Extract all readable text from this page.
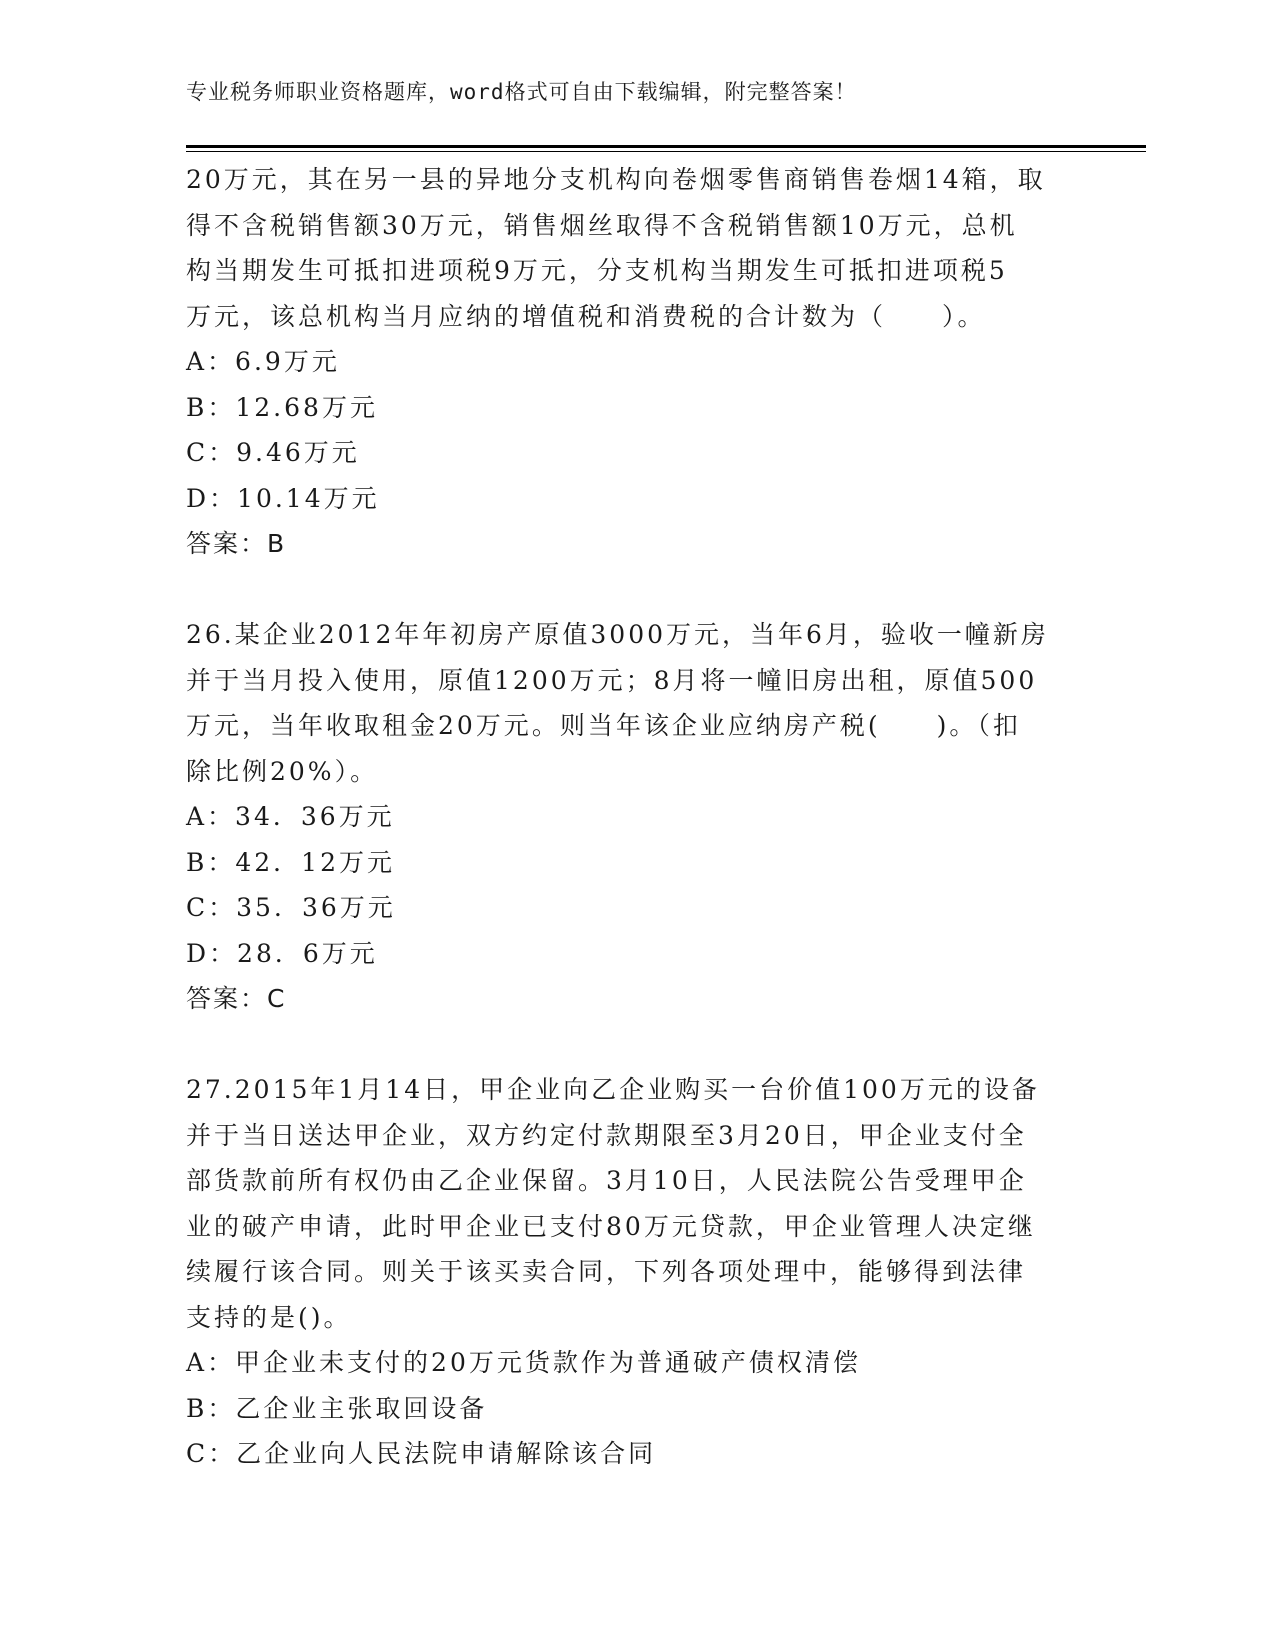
专业税务师职业资格题库，word格式可自由下载编辑，附完整答案！
20万元，其在另一县的异地分支机构向卷烟零售商销售卷烟14箱，取
得不含税销售额30万元，销售烟丝取得不含税销售额10万元，总机
构当期发生可抵扣进项税9万元，分支机构当期发生可抵扣进项税5
万元，该总机构当月应纳的增值税和消费税的合计数为（　　）。
A：6.9万元
B：12.68万元
C：9.46万元
D：10.14万元
答案：B
26.某企业2012年年初房产原值3000万元，当年6月，验收一幢新房
并于当月投入使用，原值1200万元；8月将一幢旧房出租，原值500
万元，当年收取租金20万元。则当年该企业应纳房产税(　　)。（扣
除比例20%）。
A：34．36万元
B：42．12万元
C：35．36万元
D：28．6万元
答案：C
27.2015年1月14日，甲企业向乙企业购买一台价值100万元的设备
并于当日送达甲企业，双方约定付款期限至3月20日，甲企业支付全
部货款前所有权仍由乙企业保留。3月10日，人民法院公告受理甲企
业的破产申请，此时甲企业已支付80万元贷款，甲企业管理人决定继
续履行该合同。则关于该买卖合同，下列各项处理中，能够得到法律
支持的是()。
A：甲企业未支付的20万元货款作为普通破产债权清偿
B：乙企业主张取回设备
C：乙企业向人民法院申请解除该合同
